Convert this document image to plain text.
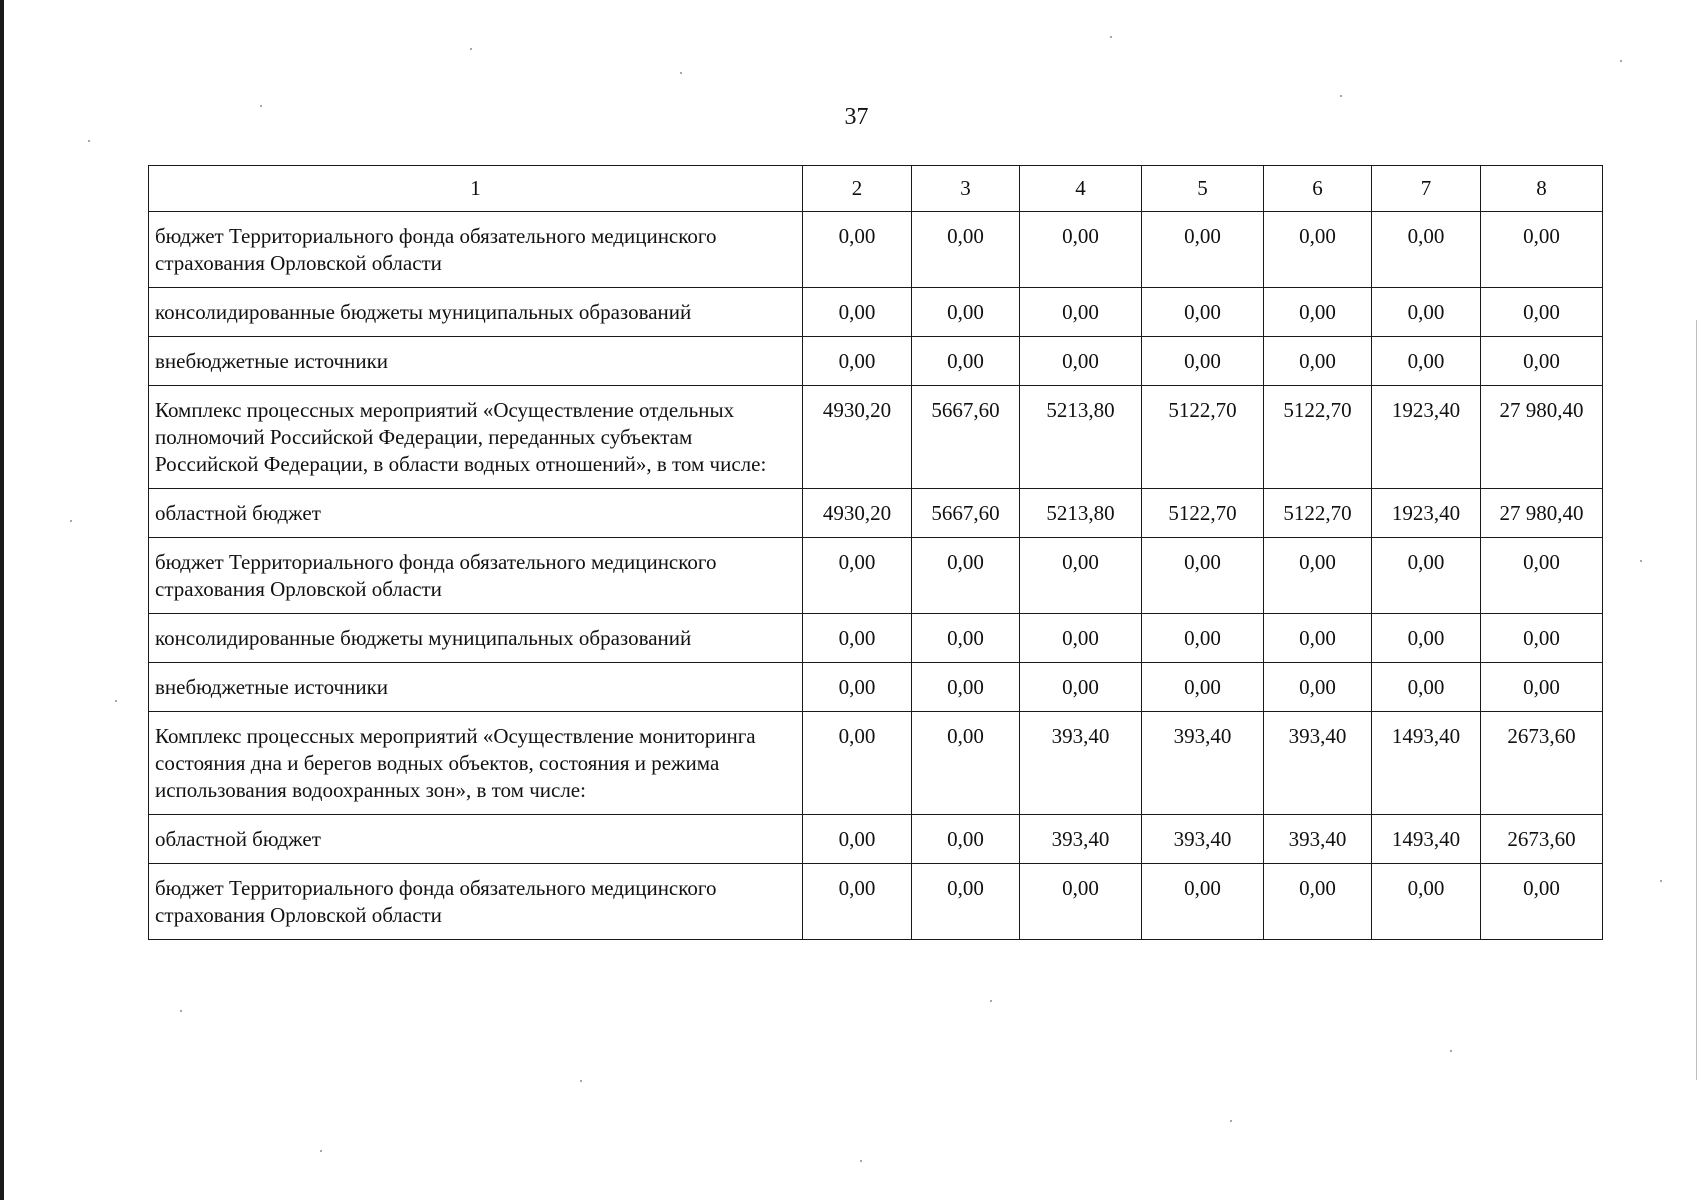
37
1	2	3	4	5	6	7	8
бюджет Территориального фонда обязательного медицинского страхования Орловской области	0,00	0,00	0,00	0,00	0,00	0,00	0,00
консолидированные бюджеты муниципальных образований	0,00	0,00	0,00	0,00	0,00	0,00	0,00
внебюджетные источники	0,00	0,00	0,00	0,00	0,00	0,00	0,00
Комплекс процессных мероприятий «Осуществление отдельных полномочий Российской Федерации, переданных субъектам Российской Федерации, в области водных отношений», в том числе:	4930,20	5667,60	5213,80	5122,70	5122,70	1923,40	27 980,40
областной бюджет	4930,20	5667,60	5213,80	5122,70	5122,70	1923,40	27 980,40
бюджет Территориального фонда обязательного медицинского страхования Орловской области	0,00	0,00	0,00	0,00	0,00	0,00	0,00
консолидированные бюджеты муниципальных образований	0,00	0,00	0,00	0,00	0,00	0,00	0,00
внебюджетные источники	0,00	0,00	0,00	0,00	0,00	0,00	0,00
Комплекс процессных мероприятий «Осуществление мониторинга состояния дна и берегов водных объектов, состояния и режима использования водоохранных зон», в том числе:	0,00	0,00	393,40	393,40	393,40	1493,40	2673,60
областной бюджет	0,00	0,00	393,40	393,40	393,40	1493,40	2673,60
бюджет Территориального фонда обязательного медицинского страхования Орловской области	0,00	0,00	0,00	0,00	0,00	0,00	0,00
